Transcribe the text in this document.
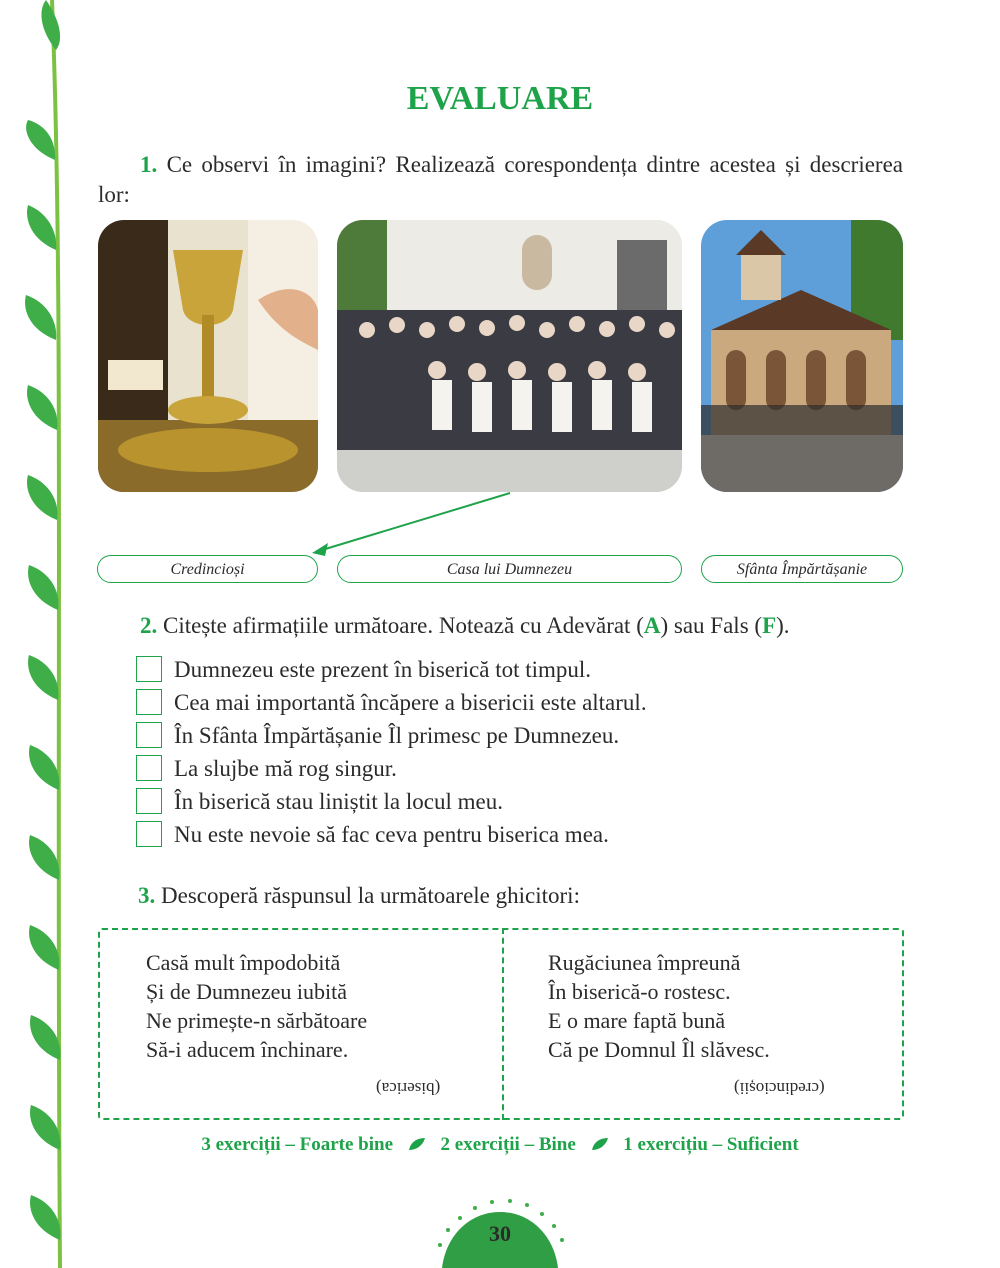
EVALUARE
1. Ce observi în imagini? Realizează corespondența dintre acestea și descrierea lor:
Credincioși	Casa lui Dumnezeu	Sfânta Împărtășanie
2. Citește afirmațiile următoare. Notează cu Adevărat (A) sau Fals (F).
Dumnezeu este prezent în biserică tot timpul.
Cea mai importantă încăpere a bisericii este altarul.
În Sfânta Împărtășanie Îl primesc pe Dumnezeu.
La slujbe mă rog singur.
În biserică stau liniștit la locul meu.
Nu este nevoie să fac ceva pentru biserica mea.
3. Descoperă răspunsul la următoarele ghicitori:
Casă mult împodobită
Și de Dumnezeu iubită
Ne primește-n sărbătoare
Să-i aducem închinare.
(biserica)
Rugăciunea împreună
În biserică-o rostesc.
E o mare faptă bună
Că pe Domnul Îl slăvesc.
(credincioșii)
3 exerciții – Foarte bine	2 exerciții – Bine	1 exercițiu – Suficient
30
